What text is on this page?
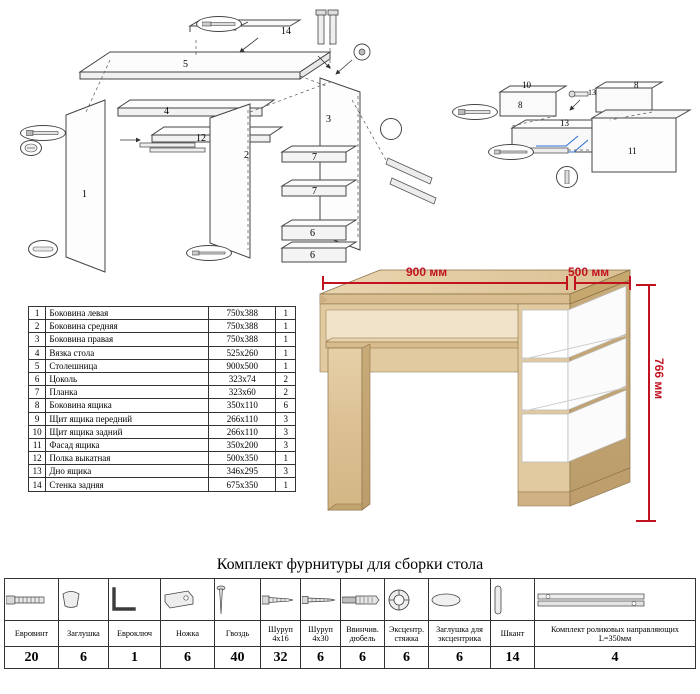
5
1
14
4
12
2
3
7
7
6
6
10
8
8
13
11
13
1	Боковина левая	750x388	1
2	Боковина средняя	750x388	1
3	Боковина правая	750x388	1
4	Вязка стола	525x260	1
5	Столешница	900x500	1
6	Цоколь	323x74	2
7	Планка	323x60	2
8	Боковина ящика	350x110	6
9	Щит ящика передний	266x110	3
10	Щит ящика задний	266x110	3
11	Фасад ящика	350x200	3
12	Полка выкатная	500x350	1
13	Дно ящика	346x295	3
14	Стенка задняя	675x350	1
900 мм	500 мм
766 мм
Комплект фурнитуры для сборки стола

Евровинт	Заглушка	Евроключ	Ножка	Гвоздь	Шуруп 4x16	Шуруп 4x30	Ввинчив. дюбель	Эксцентр. стяжка	Заглушка для эксцентрика	Шкант	Комплект роликовых направляющих L=350мм
20	6	1	6	40	32	6	6	6	6	14	4
